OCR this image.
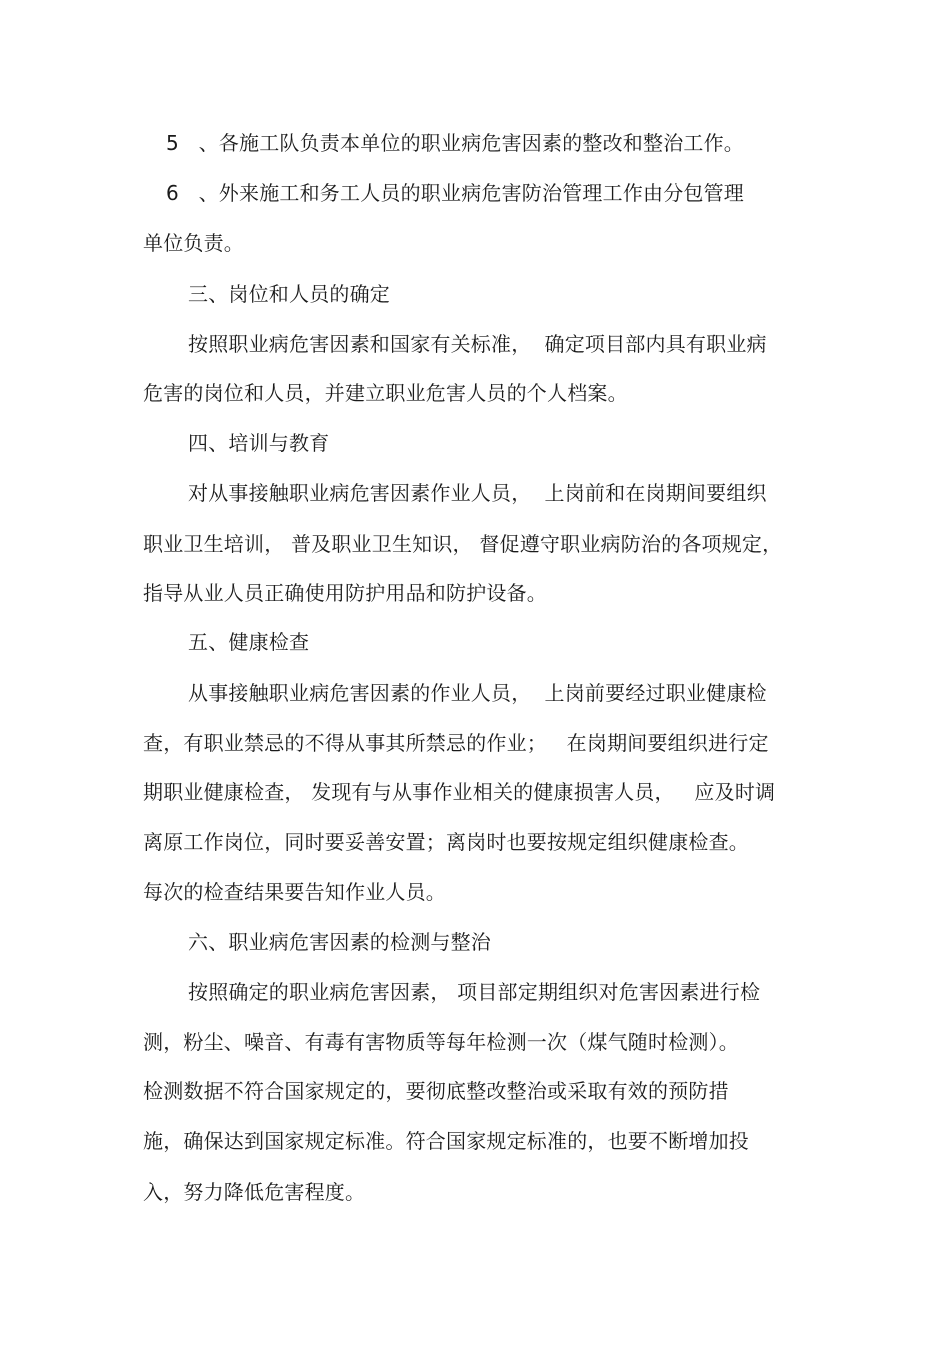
5   、各施工队负责本单位的职业病危害因素的整改和整治工作。
6   、外来施工和务工人员的职业病危害防治管理工作由分包管理
单位负责。
三、岗位和人员的确定
按照职业病危害因素和国家有关标准，  确定项目部内具有职业病
危害的岗位和人员，并建立职业危害人员的个人档案。
四、培训与教育
对从事接触职业病危害因素作业人员，  上岗前和在岗期间要组织
职业卫生培训， 普及职业卫生知识， 督促遵守职业病防治的各项规定，
指导从业人员正确使用防护用品和防护设备。
五、健康检查
从事接触职业病危害因素的作业人员，  上岗前要经过职业健康检
查，有职业禁忌的不得从事其所禁忌的作业；   在岗期间要组织进行定
期职业健康检查， 发现有与从事作业相关的健康损害人员，   应及时调
离原工作岗位，同时要妥善安置；离岗时也要按规定组织健康检查。
每次的检查结果要告知作业人员。
六、职业病危害因素的检测与整治
按照确定的职业病危害因素， 项目部定期组织对危害因素进行检
测，粉尘、噪音、有毒有害物质等每年检测一次（煤气随时检测）。
检测数据不符合国家规定的，要彻底整改整治或采取有效的预防措
施，确保达到国家规定标准。符合国家规定标准的，也要不断增加投
入，努力降低危害程度。
